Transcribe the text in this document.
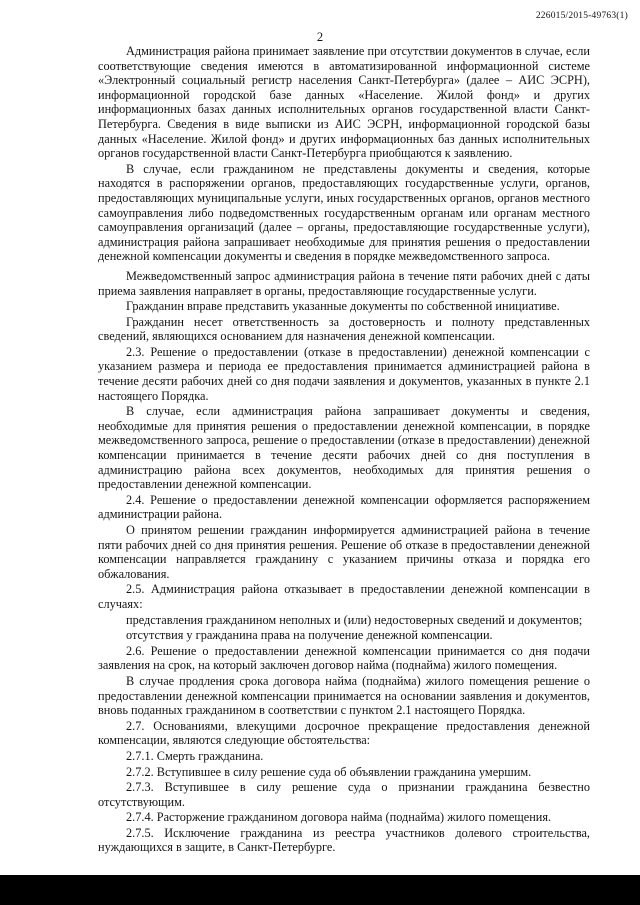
226015/2015-49763(1)
2

Администрация района принимает заявление при отсутствии документов в случае, если соответствующие сведения имеются в автоматизированной информационной системе «Электронный социальный регистр населения Санкт-Петербурга» (далее – АИС ЭСРН), информационной городской базе данных «Население. Жилой фонд» и других информационных базах данных исполнительных органов государственной власти Санкт-Петербурга. Сведения в виде выписки из АИС ЭСРН, информационной городской базы данных «Население. Жилой фонд» и других информационных баз данных исполнительных органов государственной власти Санкт-Петербурга приобщаются к заявлению.

В случае, если гражданином не представлены документы и сведения, которые находятся в распоряжении органов, предоставляющих государственные услуги, органов, предоставляющих муниципальные услуги, иных государственных органов, органов местного самоуправления либо подведомственных государственным органам или органам местного самоуправления организаций (далее – органы, предоставляющие государственные услуги), администрация района запрашивает необходимые для принятия решения о предоставлении денежной компенсации документы и сведения в порядке межведомственного запроса.

Межведомственный запрос администрация района в течение пяти рабочих дней с даты приема заявления направляет в органы, предоставляющие государственные услуги.

Гражданин вправе представить указанные документы по собственной инициативе.

Гражданин несет ответственность за достоверность и полноту представленных сведений, являющихся основанием для назначения денежной компенсации.

2.3. Решение о предоставлении (отказе в предоставлении) денежной компенсации с указанием размера и периода ее предоставления принимается администрацией района в течение десяти рабочих дней со дня подачи заявления и документов, указанных в пункте 2.1 настоящего Порядка.

В случае, если администрация района запрашивает документы и сведения, необходимые для принятия решения о предоставлении денежной компенсации, в порядке межведомственного запроса, решение о предоставлении (отказе в предоставлении) денежной компенсации принимается в течение десяти рабочих дней со дня поступления в администрацию района всех документов, необходимых для принятия решения о предоставлении денежной компенсации.

2.4. Решение о предоставлении денежной компенсации оформляется распоряжением администрации района.

О принятом решении гражданин информируется администрацией района в течение пяти рабочих дней со дня принятия решения. Решение об отказе в предоставлении денежной компенсации направляется гражданину с указанием причины отказа и порядка его обжалования.

2.5. Администрация района отказывает в предоставлении денежной компенсации в случаях:

представления гражданином неполных и (или) недостоверных сведений и документов;

отсутствия у гражданина права на получение денежной компенсации.

2.6. Решение о предоставлении денежной компенсации принимается со дня подачи заявления на срок, на который заключен договор найма (поднайма) жилого помещения.

В случае продления срока договора найма (поднайма) жилого помещения решение о предоставлении денежной компенсации принимается на основании заявления и документов, вновь поданных гражданином в соответствии с пунктом 2.1 настоящего Порядка.

2.7. Основаниями, влекущими досрочное прекращение предоставления денежной компенсации, являются следующие обстоятельства:

2.7.1. Смерть гражданина.

2.7.2. Вступившее в силу решение суда об объявлении гражданина умершим.

2.7.3. Вступившее в силу решение суда о признании гражданина безвестно отсутствующим.

2.7.4. Расторжение гражданином договора найма (поднайма) жилого помещения.

2.7.5. Исключение гражданина из реестра участников долевого строительства, нуждающихся в защите, в Санкт-Петербурге.
